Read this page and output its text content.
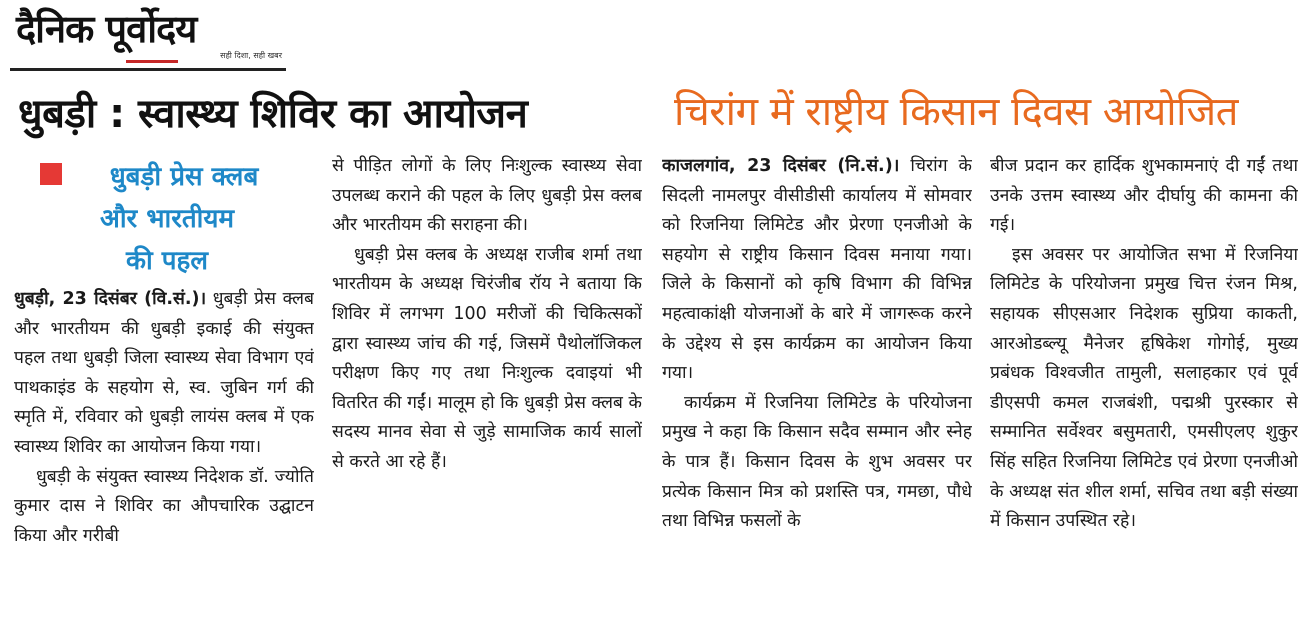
दैनिक पूर्वोदय
सही दिशा, सही खबर
धुबड़ी : स्वास्थ्य शिविर का आयोजन	चिरांग में राष्ट्रीय किसान दिवस आयोजित
धुबड़ी प्रेस क्लब
और भारतीयम
की पहल

धुबड़ी, 23 दिसंबर (वि.सं.)। धुबड़ी प्रेस क्लब और भारतीयम की धुबड़ी इकाई की संयुक्त पहल तथा धुबड़ी जिला स्वास्थ्य सेवा विभाग एवं पाथकाइंड के सहयोग से, स्व. जुबिन गर्ग की स्मृति में, रविवार को धुबड़ी लायंस क्लब में एक स्वास्थ्य शिविर का आयोजन किया गया।

धुबड़ी के संयुक्त स्वास्थ्य निदेशक डॉ. ज्योति कुमार दास ने शिविर का औपचारिक उद्घाटन किया और गरीबी

से पीड़ित लोगों के लिए निःशुल्क स्वास्थ्य सेवा उपलब्ध कराने की पहल के लिए धुबड़ी प्रेस क्लब और भारतीयम की सराहना की।

धुबड़ी प्रेस क्लब के अध्यक्ष राजीब शर्मा तथा भारतीयम के अध्यक्ष चिरंजीब रॉय ने बताया कि शिविर में लगभग 100 मरीजों की चिकित्सकों द्वारा स्वास्थ्य जांच की गई, जिसमें पैथोलॉजिकल परीक्षण किए गए तथा निःशुल्क दवाइयां भी वितरित की गईं। मालूम हो कि धुबड़ी प्रेस क्लब के सदस्य मानव सेवा से जुड़े सामाजिक कार्य सालों से करते आ रहे हैं।

काजलगांव, 23 दिसंबर (नि.सं.)। चिरांग के सिदली नामलपुर वीसीडीसी कार्यालय में सोमवार को रिजनिया लिमिटेड और प्रेरणा एनजीओ के सहयोग से राष्ट्रीय किसान दिवस मनाया गया। जिले के किसानों को कृषि विभाग की विभिन्न महत्वाकांक्षी योजनाओं के बारे में जागरूक करने के उद्देश्य से इस कार्यक्रम का आयोजन किया गया।

कार्यक्रम में रिजनिया लिमिटेड के परियोजना प्रमुख ने कहा कि किसान सदैव सम्मान और स्नेह के पात्र हैं। किसान दिवस के शुभ अवसर पर प्रत्येक किसान मित्र को प्रशस्ति पत्र, गमछा, पौधे तथा विभिन्न फसलों के

बीज प्रदान कर हार्दिक शुभकामनाएं दी गईं तथा उनके उत्तम स्वास्थ्य और दीर्घायु की कामना की गई।

इस अवसर पर आयोजित सभा में रिजनिया लिमिटेड के परियोजना प्रमुख चित्त रंजन मिश्र, सहायक सीएसआर निदेशक सुप्रिया काकती, आरओडब्ल्यू मैनेजर हृषिकेश गोगोई, मुख्य प्रबंधक विश्वजीत तामुली, सलाहकार एवं पूर्व डीएसपी कमल राजबंशी, पद्मश्री पुरस्कार से सम्मानित सर्वेश्वर बसुमतारी, एमसीएलए शुकुर सिंह सहित रिजनिया लिमिटेड एवं प्रेरणा एनजीओ के अध्यक्ष संत शील शर्मा, सचिव तथा बड़ी संख्या में किसान उपस्थित रहे।
